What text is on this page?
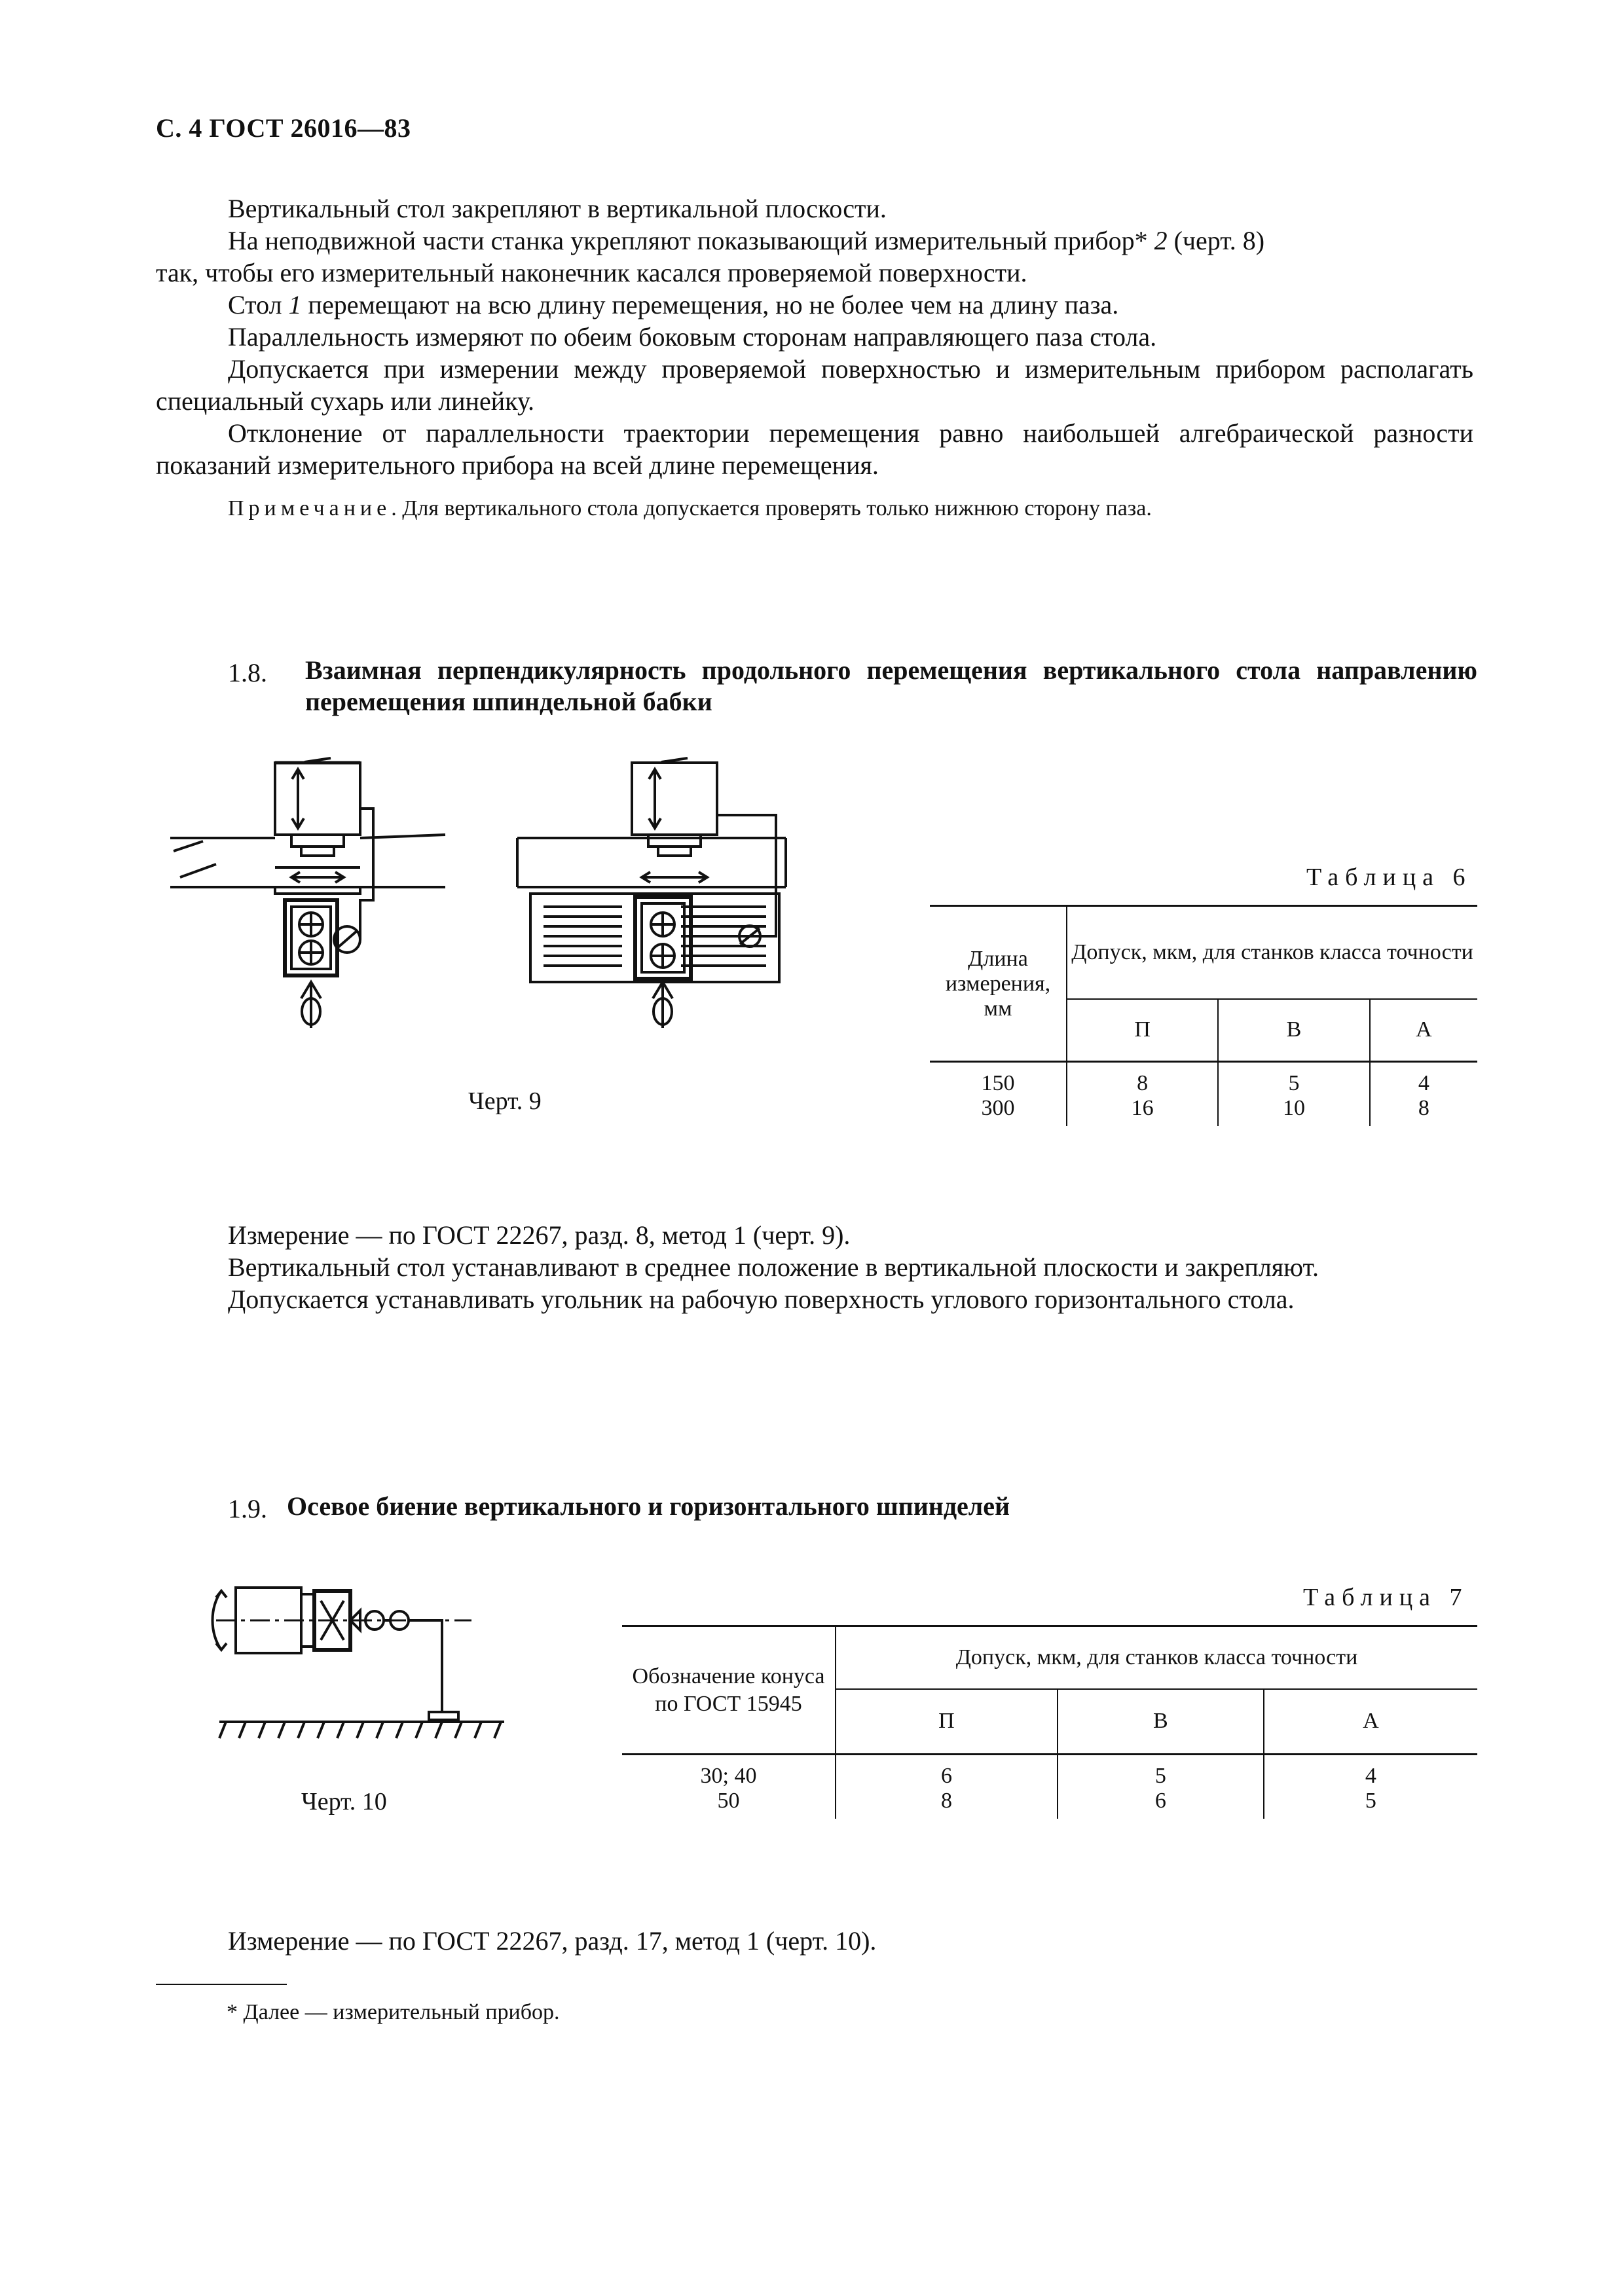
С. 4 ГОСТ 26016—83

Вертикальный стол закрепляют в вертикальной плоскости.

На неподвижной части станка укрепляют показывающий измерительный прибор* 2 (черт. 8)

так, чтобы его измерительный наконечник касался проверяемой поверхности.

Стол 1 перемещают на всю длину перемещения, но не более чем на длину паза.

Параллельность измеряют по обеим боковым сторонам направляющего паза стола.

Допускается при измерении между проверяемой поверхностью и измерительным прибором располагать специальный сухарь или линейку.

Отклонение от параллельности траектории перемещения равно наибольшей алгебраической разности показаний измерительного прибора на всей длине перемещения.

Примечание. Для вертикального стола допускается проверять только нижнюю сторону паза.

1.8. Взаимная перпендикулярность продольного перемещения вертикального стола направлению перемещения шпиндельной бабки
Черт. 9
Таблица 6
Длина измерения, мм	Допуск, мкм, для станков класса точности		
	П	В	А
150	8	5	4
300	16	10	8

Измерение — по ГОСТ 22267, разд. 8, метод 1 (черт. 9).

Вертикальный стол устанавливают в среднее положение в вертикальной плоскости и закрепляют.

Допускается устанавливать угольник на рабочую поверхность углового горизонтального стола.

1.9. Осевое биение вертикального и горизонтального шпинделей
Черт. 10
Таблица 7
Обозначение конуса по ГОСТ 15945	Допуск, мкм, для станков класса точности		
	П	В	А
30; 40	6	5	4
50	8	6	5

Измерение — по ГОСТ 22267, разд. 17, метод 1 (черт. 10).

* Далее — измерительный прибор.
